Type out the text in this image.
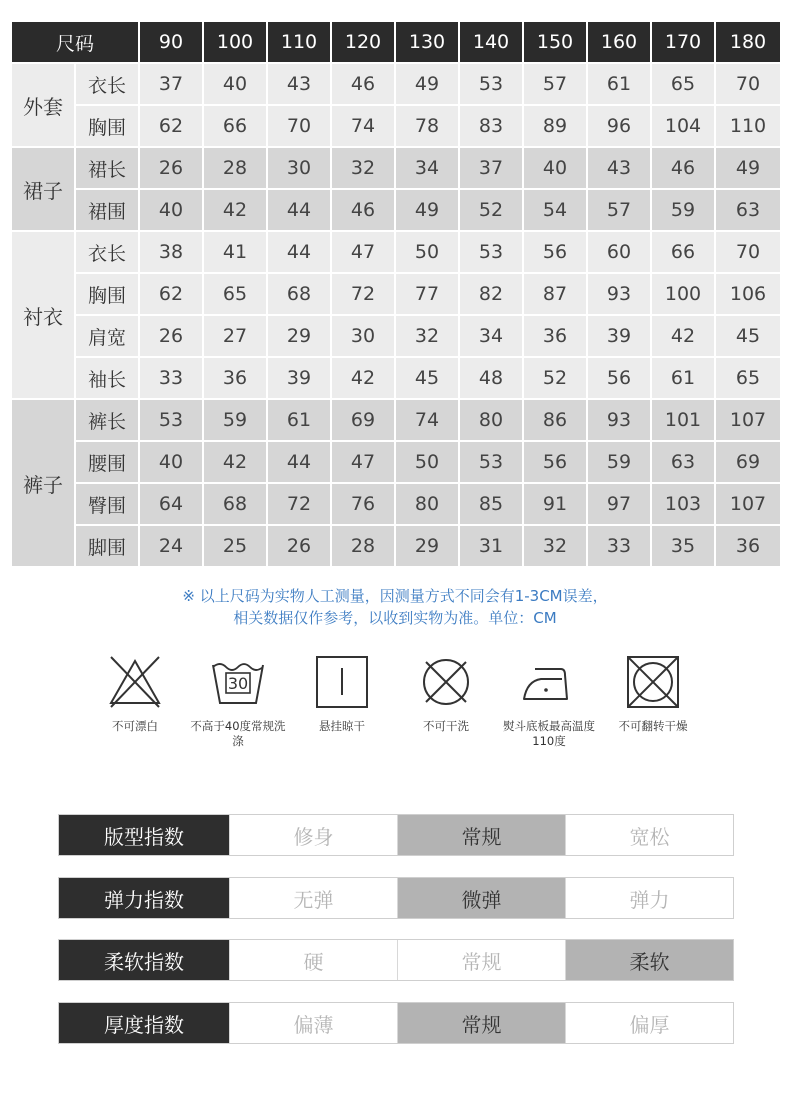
尺码		90	100	110	120	130	140	150	160	170	180
外套	衣长	37	40	43	46	49	53	57	61	65	70
	胸围	62	66	70	74	78	83	89	96	104	110
裙子	裙长	26	28	30	32	34	37	40	43	46	49
	裙围	40	42	44	46	49	52	54	57	59	63
衬衣	衣长	38	41	44	47	50	53	56	60	66	70
	胸围	62	65	68	72	77	82	87	93	100	106
	肩宽	26	27	29	30	32	34	36	39	42	45
	袖长	33	36	39	42	45	48	52	56	61	65
裤子	裤长	53	59	61	69	74	80	86	93	101	107
	腰围	40	42	44	47	50	53	56	59	63	69
	臀围	64	68	72	76	80	85	91	97	103	107
	脚围	24	25	26	28	29	31	32	33	35	36
※ 以上尺码为实物人工测量，因测量方式不同会有1-3CM误差，
相关数据仅作参考，以收到实物为准。单位：CM
不可漂白
30
不高于40度常规洗涤
悬挂晾干	不可干洗	熨斗底板最高温度110度
不可翻转干燥
版型指数	修身	常规	宽松
弹力指数	无弹	微弹	弹力
柔软指数	硬	常规	柔软
厚度指数	偏薄	常规	偏厚
